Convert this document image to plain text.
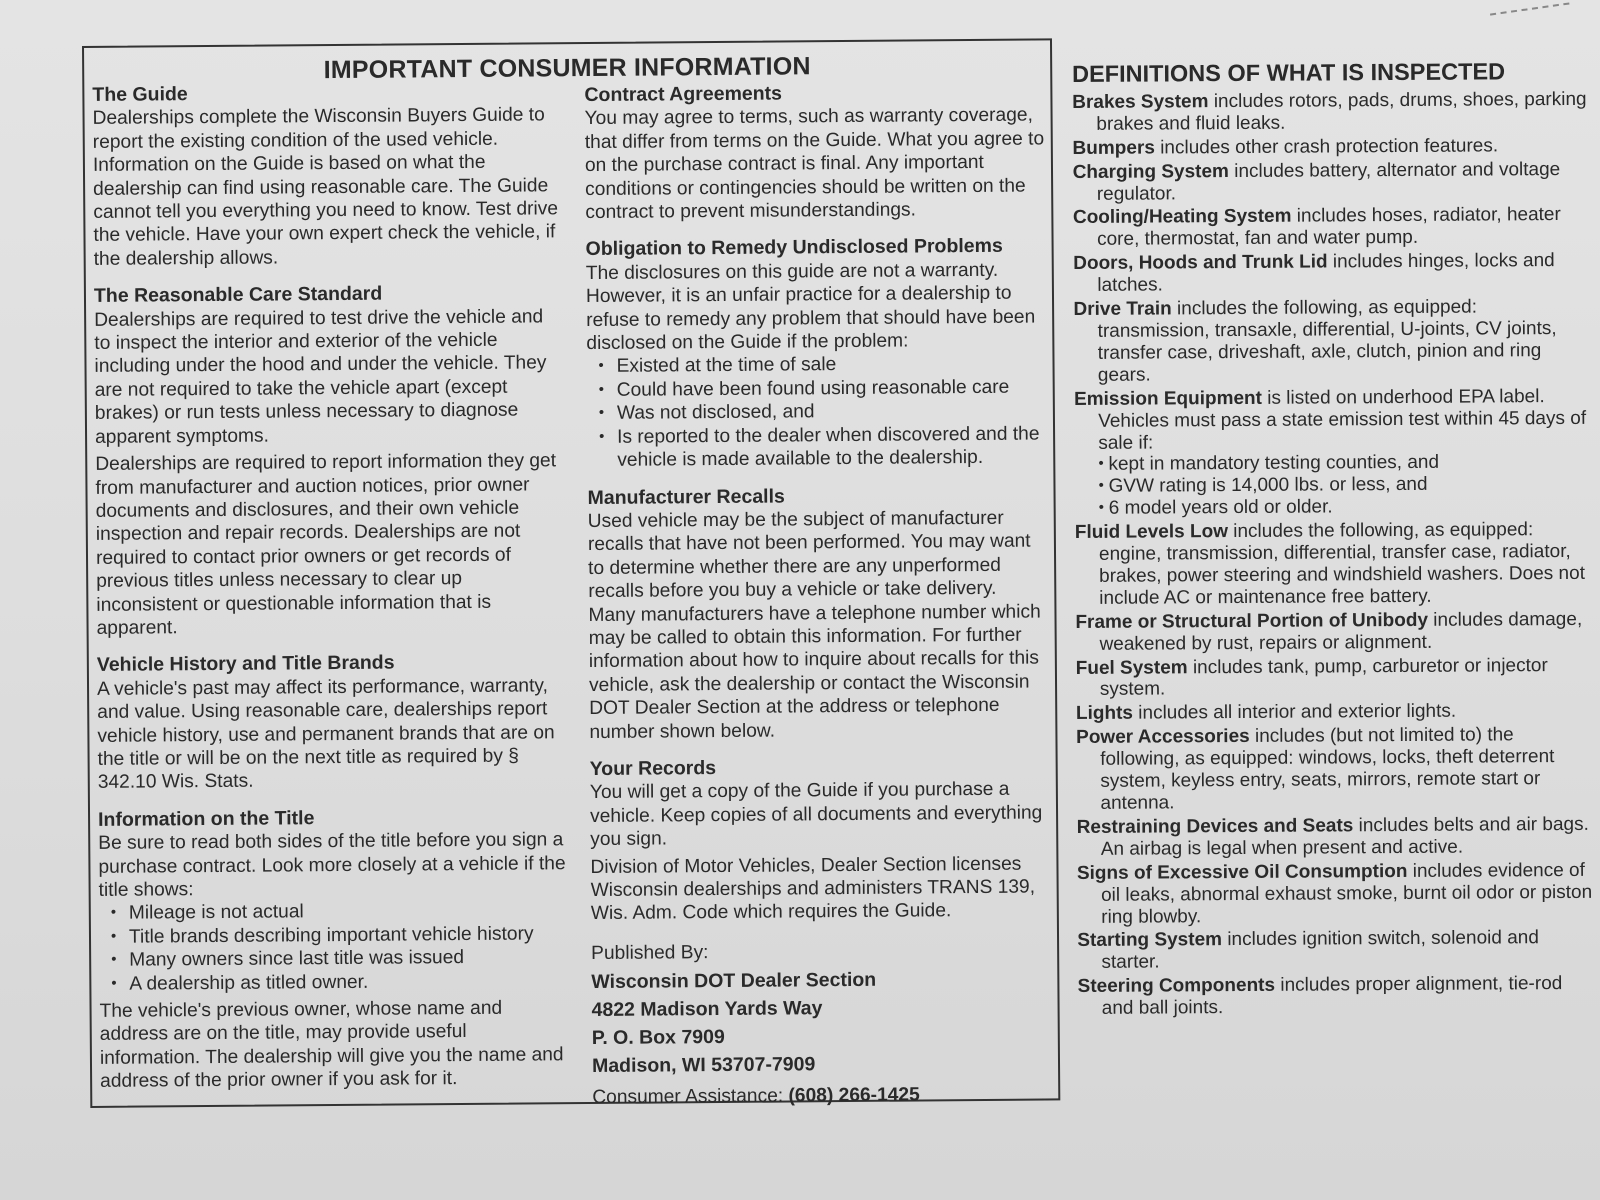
IMPORTANT CONSUMER INFORMATION
The Guide

Dealerships complete the Wisconsin Buyers Guide to report the existing condition of the used vehicle. Information on the Guide is based on what the dealership can find using reasonable care. The Guide cannot tell you everything you need to know. Test drive the vehicle. Have your own expert check the vehicle, if the dealership allows.

The Reasonable Care Standard

Dealerships are required to test drive the vehicle and to inspect the interior and exterior of the vehicle including under the hood and under the vehicle. They are not required to take the vehicle apart (except brakes) or run tests unless necessary to diagnose apparent symptoms.

Dealerships are required to report information they get from manufacturer and auction notices, prior owner documents and disclosures, and their own vehicle inspection and repair records. Dealerships are not required to contact prior owners or get records of previous titles unless necessary to clear up inconsistent or questionable information that is apparent.

Vehicle History and Title Brands

A vehicle's past may affect its performance, warranty, and value. Using reasonable care, dealerships report vehicle history, use and permanent brands that are on the title or will be on the next title as required by § 342.10 Wis. Stats.

Information on the Title

Be sure to read both sides of the title before you sign a purchase contract. Look more closely at a vehicle if the title shows:

• Mileage is not actual
• Title brands describing important vehicle history
• Many owners since last title was issued
• A dealership as titled owner.

The vehicle's previous owner, whose name and address are on the title, may provide useful information. The dealership will give you the name and address of the prior owner if you ask for it.

Contract Agreements

You may agree to terms, such as warranty coverage, that differ from terms on the Guide. What you agree to on the purchase contract is final. Any important conditions or contingencies should be written on the contract to prevent misunderstandings.

Obligation to Remedy Undisclosed Problems

The disclosures on this guide are not a warranty. However, it is an unfair practice for a dealership to refuse to remedy any problem that should have been disclosed on the Guide if the problem:

• Existed at the time of sale
• Could have been found using reasonable care
• Was not disclosed, and
• Is reported to the dealer when discovered and the vehicle is made available to the dealership.
Manufacturer Recalls

Used vehicle may be the subject of manufacturer recalls that have not been performed. You may want to determine whether there are any unperformed recalls before you buy a vehicle or take delivery. Many manufacturers have a telephone number which may be called to obtain this information. For further information about how to inquire about recalls for this vehicle, ask the dealership or contact the Wisconsin DOT Dealer Section at the address or telephone number shown below.

Your Records

You will get a copy of the Guide if you purchase a vehicle. Keep copies of all documents and everything you sign.

Division of Motor Vehicles, Dealer Section licenses Wisconsin dealerships and administers TRANS 139, Wis. Adm. Code which requires the Guide.

Published By:

Wisconsin DOT Dealer Section
4822 Madison Yards Way
P. O. Box 7909
Madison, WI 53707-7909

Consumer Assistance: (608) 266-1425

DEFINITIONS OF WHAT IS INSPECTED
Brakes System includes rotors, pads, drums, shoes, parking brakes and fluid leaks.
Bumpers includes other crash protection features.
Charging System includes battery, alternator and voltage regulator.
Cooling/Heating System includes hoses, radiator, heater core, thermostat, fan and water pump.
Doors, Hoods and Trunk Lid includes hinges, locks and latches.
Drive Train includes the following, as equipped: transmission, transaxle, differential, U-joints, CV joints, transfer case, driveshaft, axle, clutch, pinion and ring gears.
Emission Equipment is listed on underhood EPA label. Vehicles must pass a state emission test within 45 days of sale if:
• kept in mandatory testing counties, and
• GVW rating is 14,000 lbs. or less, and
• 6 model years old or older.
Fluid Levels Low includes the following, as equipped: engine, transmission, differential, transfer case, radiator, brakes, power steering and windshield washers. Does not include AC or maintenance free battery.
Frame or Structural Portion of Unibody includes damage, weakened by rust, repairs or alignment.
Fuel System includes tank, pump, carburetor or injector system.
Lights includes all interior and exterior lights.
Power Accessories includes (but not limited to) the following, as equipped: windows, locks, theft deterrent system, keyless entry, seats, mirrors, remote start or antenna.
Restraining Devices and Seats includes belts and air bags. An airbag is legal when present and active.
Signs of Excessive Oil Consumption includes evidence of oil leaks, abnormal exhaust smoke, burnt oil odor or piston ring blowby.
Starting System includes ignition switch, solenoid and starter.
Steering Components includes proper alignment, tie-rod and ball joints.
